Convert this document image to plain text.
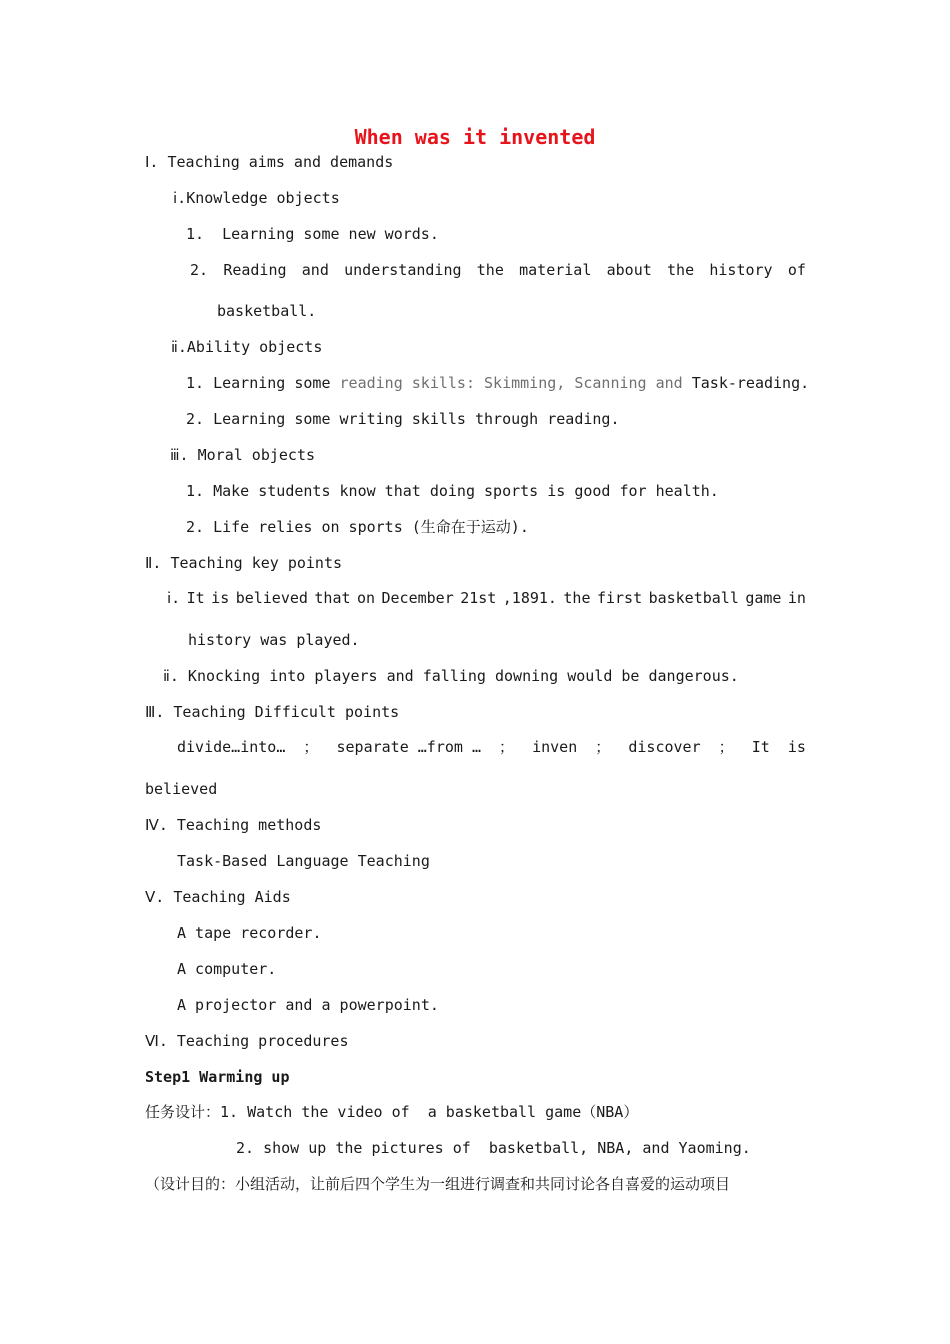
When was it invented
Ⅰ. Teaching aims and demands
ⅰ.Knowledge objects
1.  Learning some new words.
2. Reading and understanding the material about the history of
basketball.
ⅱ.Ability objects
1. Learning some reading skills: Skimming, Scanning and Task-reading.
2. Learning some writing skills through reading.
ⅲ. Moral objects
1. Make students know that doing sports is good for health.
2. Life relies on sports (生命在于运动).
Ⅱ. Teaching key points
ⅰ. It is believed that on December 21st ,1891. the first basketball game in
history was played.
ⅱ. Knocking into players and falling downing would be dangerous.
Ⅲ. Teaching Difficult points
divide…into… ； separate …from … ； inven ； discover ； It is
believed
Ⅳ. Teaching methods
Task-Based Language Teaching
Ⅴ. Teaching Aids
A tape recorder.
A computer.
A projector and a powerpoint.
Ⅵ. Teaching procedures
Step1 Warming up
任务设计：1. Watch the video of  a basketball game（NBA）
2. show up the pictures of  basketball, NBA, and Yaoming.
（设计目的：小组活动，让前后四个学生为一组进行调查和共同讨论各自喜爱的运动项目
